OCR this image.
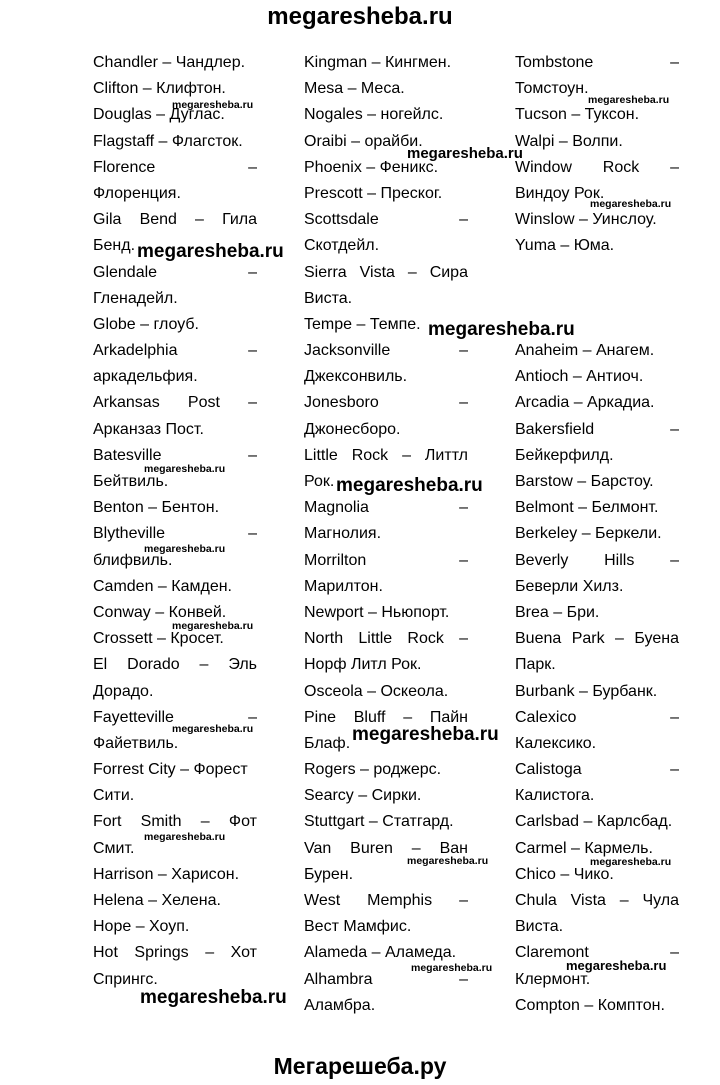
megaresheba.ru
Chandler – Чандлер.
Clifton – Клифтон.
Douglas – Дуглас.
Flagstaff – Флагсток.
Florence	–
Флоренция.
Gila Bend – Гила
Бенд.
Glendale	–
Гленадейл.
Globe – глоуб.
Arkadelphia	–
аркадельфия.
Arkansas Post –
Арканзаз Пост.
Batesville	–
Бейтвиль.
Benton – Бентон.
Blytheville	–
блифвиль.
Camden – Камден.
Conway – Конвей.
Crossett – Кросет.
El Dorado – Эль
Дорадо.
Fayetteville	–
Файетвиль.
Forrest City – Форест
Сити.
Fort Smith – Фот
Смит.
Harrison – Харисон.
Helena – Хелена.
Hope – Хоуп.
Hot Springs – Хот
Спрингс.
Kingman – Кингмен.
Mesa – Меса.
Nogales – ногейлс.
Oraibi – орайби.
Phoenix – Феникс.
Prescott – Преског.
Scottsdale	–
Скотдейл.
Sierra Vista – Сира
Виста.
Tempe – Темпе.
Jacksonville	–
Джексонвиль.
Jonesboro	–
Джонесборо.
Little Rock – Литтл
Рок.
Magnolia	–
Магнолия.
Morrilton	–
Марилтон.
Newport – Ньюпорт.
North Little Rock –
Норф Литл Рок.
Osceola – Оскеола.
Pine Bluff – Пайн
Блаф.
Rogers – роджерс.
Searcy – Сирки.
Stuttgart – Статгард.
Van Buren – Ван
Бурен.
West Memphis –
Вест Мамфис.
Alameda – Аламеда.
Alhambra	–
Аламбра.
Tombstone	–
Томстоун.
Tucson – Туксон.
Walpi – Волпи.
Window Rock –
Виндоу Рок.
Winslow – Уинслоу.
Yuma – Юма.
Anaheim – Анагем.
Antioch – Антиоч.
Arcadia – Аркадиа.
Bakersfield	–
Бейкерфилд.
Barstow – Барстоу.
Belmont – Белмонт.
Berkeley – Беркели.
Beverly Hills –
Беверли Хилз.
Brea – Бри.
Buena Park – Буена
Парк.
Burbank – Бурбанк.
Calexico	–
Калексико.
Calistoga	–
Калистога.
Carlsbad – Карлсбад.
Carmel – Кармель.
Chico – Чико.
Chula Vista – Чула
Виста.
Claremont	–
Клермонт.
Compton – Комптон.
megaresheba.ru	megaresheba.ru
megaresheba.ru
megaresheba.ru
megaresheba.ru
megaresheba.ru
megaresheba.ru
megaresheba.ru
megaresheba.ru
megaresheba.ru
megaresheba.ru	megaresheba.ru
megaresheba.ru
megaresheba.ru	megaresheba.ru
megaresheba.ru	megaresheba.ru
megaresheba.ru
Мегарешеба.ру
